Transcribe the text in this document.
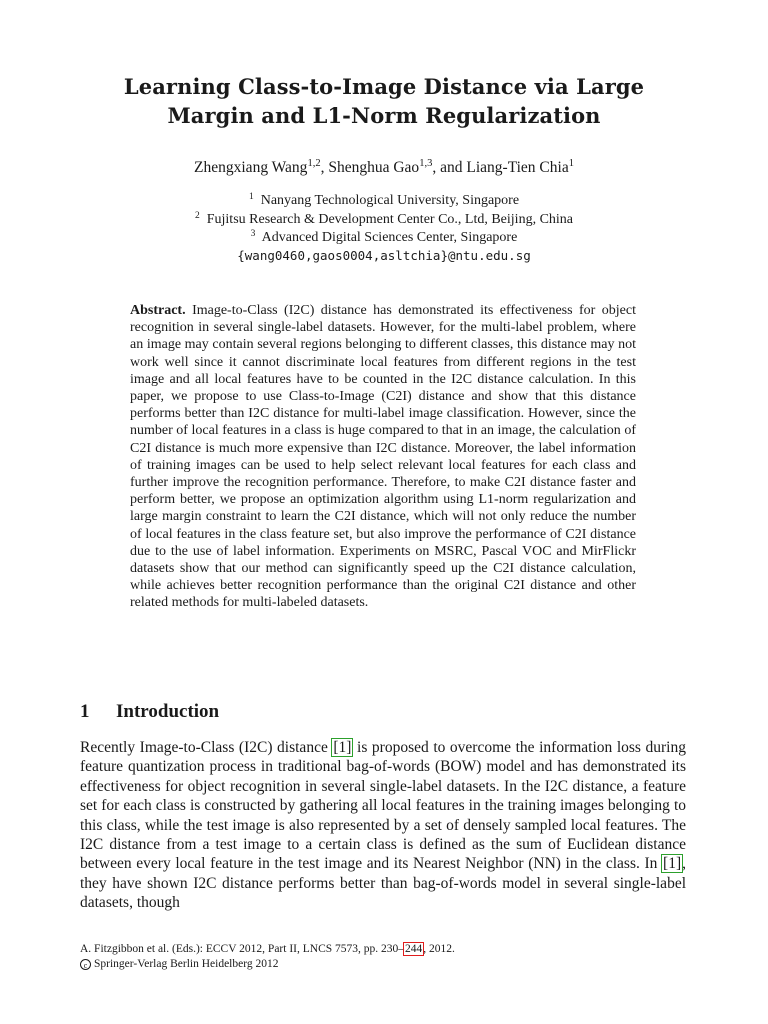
Learning Class-to-Image Distance via Large
Margin and L1-Norm Regularization
Zhengxiang Wang$^{1,2}$, Shenghua Gao$^{1,3}$, and Liang-Tien Chia$^1$
$^1$ Nanyang Technological University, Singapore
$^2$ Fujitsu Research & Development Center Co., Ltd, Beijing, China
$^3$ Advanced Digital Sciences Center, Singapore
{wang0460,gaos0004,asltchia}@ntu.edu.sg
Abstract. Image-to-Class (I2C) distance has demonstrated its effectiveness for object recognition in several single-label datasets. However, for the multi-label problem, where an image may contain several regions belonging to different classes, this distance may not work well since it cannot discriminate local features from different regions in the test image and all local features have to be counted in the I2C distance calculation. In this paper, we propose to use Class-to-Image (C2I) distance and show that this distance performs better than I2C distance for multi-label image classification. However, since the number of local features in a class is huge compared to that in an image, the calculation of C2I distance is much more expensive than I2C distance. Moreover, the label information of training images can be used to help select relevant local features for each class and further improve the recognition performance. Therefore, to make C2I distance faster and perform better, we propose an optimization algorithm using L1-norm regularization and large margin constraint to learn the C2I distance, which will not only reduce the number of local features in the class feature set, but also improve the performance of C2I distance due to the use of label information. Experiments on MSRC, Pascal VOC and MirFlickr datasets show that our method can significantly speed up the C2I distance calculation, while achieves better recognition performance than the original C2I distance and other related methods for multi-labeled datasets.
1 Introduction
Recently Image-to-Class (I2C) distance [1] is proposed to overcome the information loss during feature quantization process in traditional bag-of-words (BOW) model and has demonstrated its effectiveness for object recognition in several single-label datasets. In the I2C distance, a feature set for each class is constructed by gathering all local features in the training images belonging to this class, while the test image is also represented by a set of densely sampled local features. The I2C distance from a test image to a certain class is defined as the sum of Euclidean distance between every local feature in the test image and its Nearest Neighbor (NN) in the class. In [1], they have shown I2C distance performs better than bag-of-words model in several single-label datasets, though
A. Fitzgibbon et al. (Eds.): ECCV 2012, Part II, LNCS 7573, pp. 230–244, 2012.
c Springer-Verlag Berlin Heidelberg 2012
